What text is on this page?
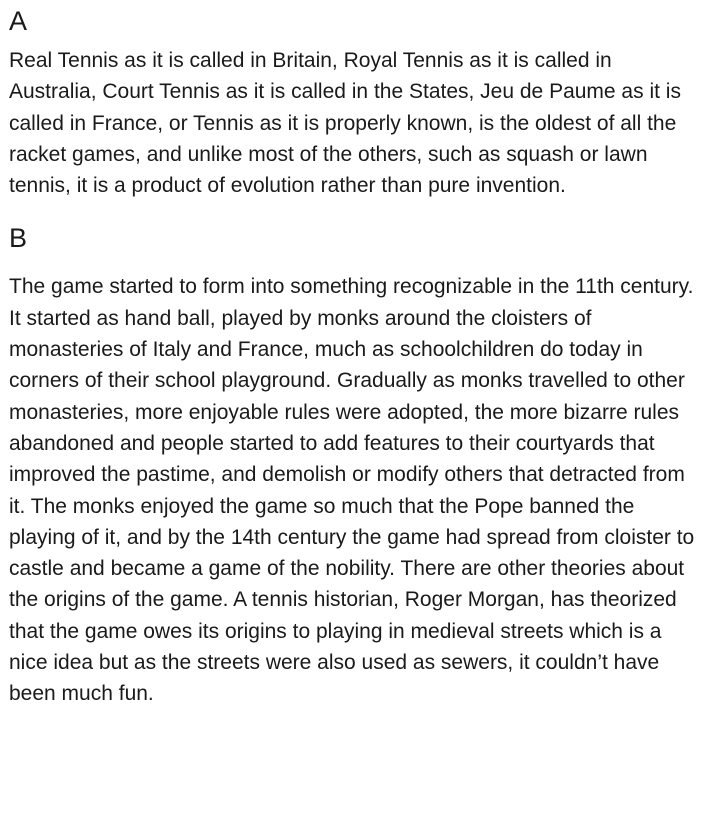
A

Real Tennis as it is called in Britain, Royal Tennis as it is called in Australia, Court Tennis as it is called in the States, Jeu de Paume as it is called in France, or Tennis as it is properly known, is the oldest of all the racket games, and unlike most of the others, such as squash or lawn tennis, it is a product of evolution rather than pure invention.

B

The game started to form into something recognizable in the 11th century. It started as hand ball, played by monks around the cloisters of monasteries of Italy and France, much as schoolchildren do today in corners of their school playground. Gradually as monks travelled to other monasteries, more enjoyable rules were adopted, the more bizarre rules abandoned and people started to add features to their courtyards that improved the pastime, and demolish or modify others that detracted from it. The monks enjoyed the game so much that the Pope banned the playing of it, and by the 14th century the game had spread from cloister to castle and became a game of the nobility. There are other theories about the origins of the game. A tennis historian, Roger Morgan, has theorized that the game owes its origins to playing in medieval streets which is a nice idea but as the streets were also used as sewers, it couldn’t have been much fun.
